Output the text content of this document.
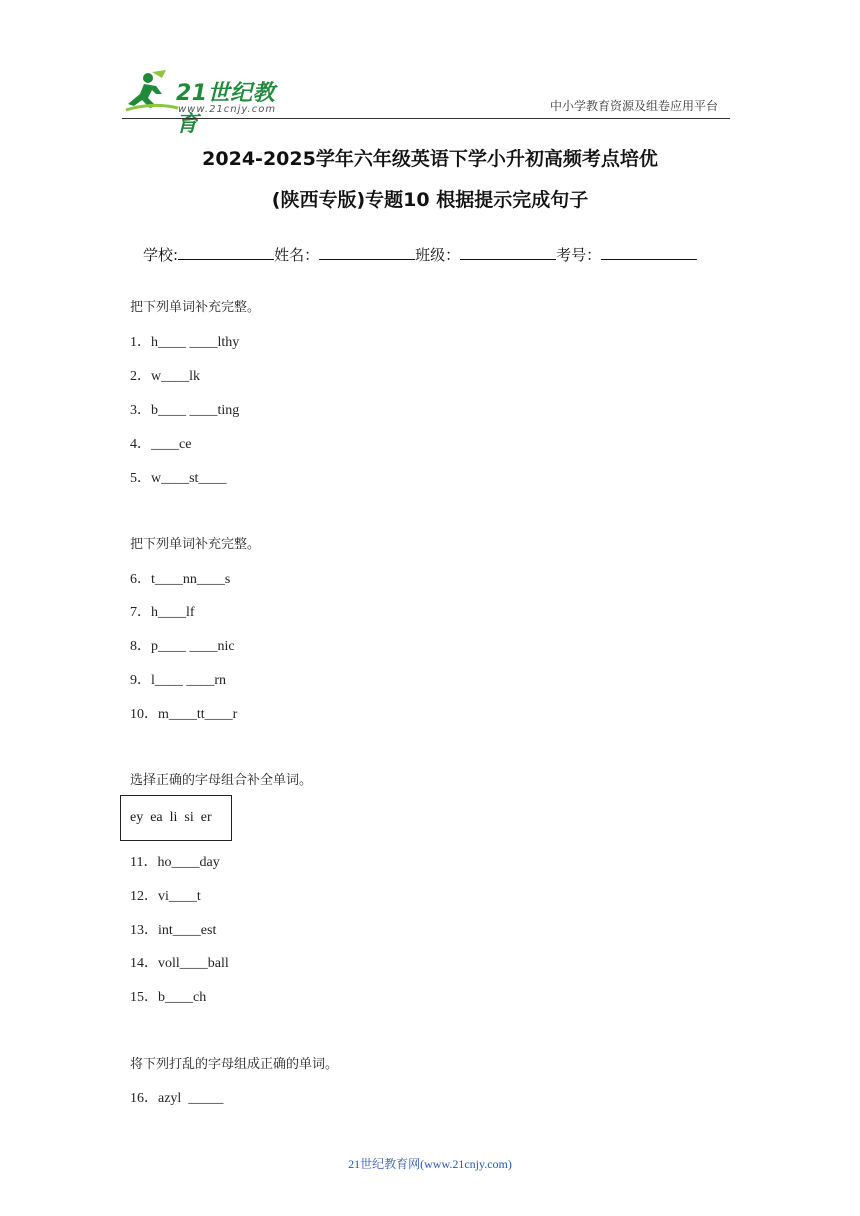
21世纪教育
www.21cnjy.com	中小学教育资源及组卷应用平台
2024-2025学年六年级英语下学小升初高频考点培优
(陕西专版)专题10 根据提示完成句子
学校:	姓名：	班级：	考号：
把下列单词补充完整。
1．h____ ____lthy
2．w____lk
3．b____ ____ting
4．____ce
5．w____st____
把下列单词补充完整。
6．t____nn____s
7．h____lf
8．p____ ____nic
9．l____ ____rn
10．m____tt____r
选择正确的字母组合补全单词。
ey  ea  li  si  er
11．ho____day
12．vi____t
13．int____est
14．voll____ball
15．b____ch
将下列打乱的字母组成正确的单词。
16．azyl  _____
21世纪教育网(www.21cnjy.com)
